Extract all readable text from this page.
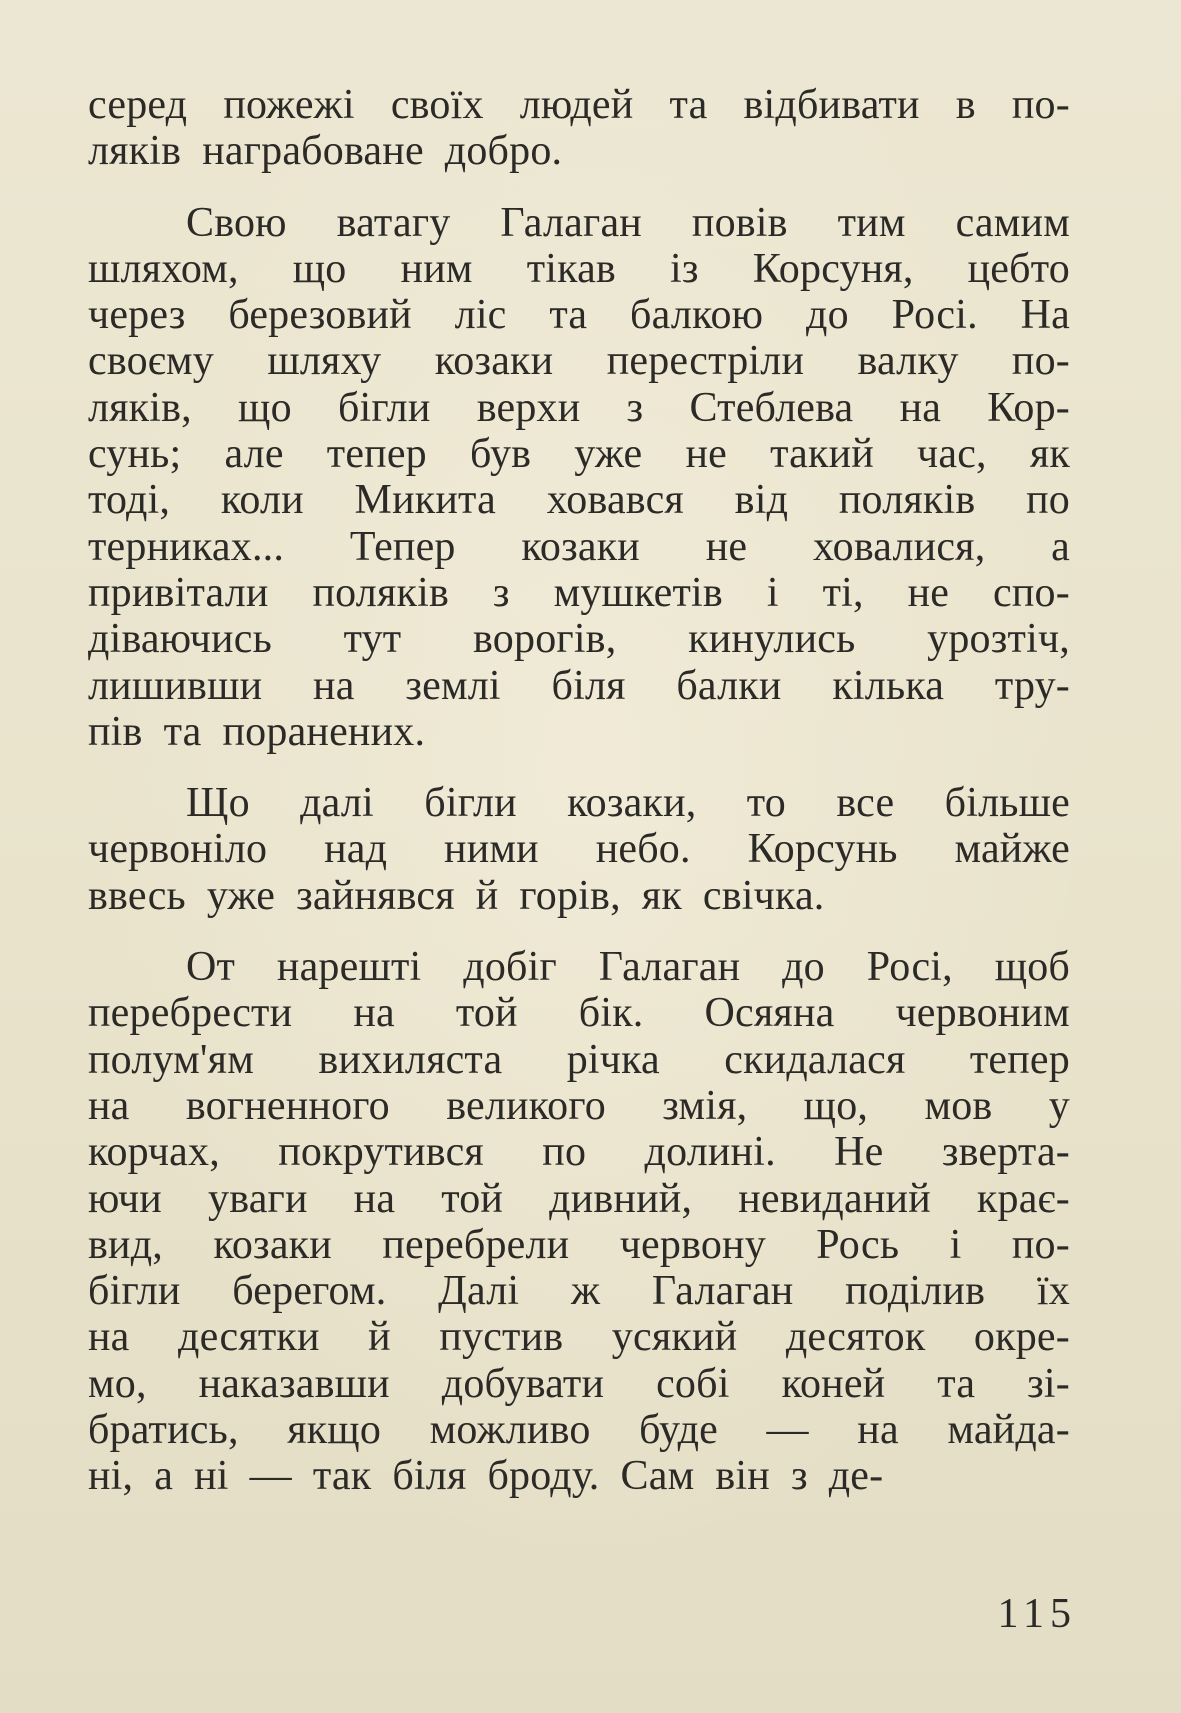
серед пожежі своїх людей та відбивати в по-
ляків награбоване добро.
Свою ватагу Галаган повів тим самим
шляхом, що ним тікав із Корсуня, цебто
через березовий ліс та балкою до Росі. На
своєму шляху козаки перестріли валку по-
ляків, що бігли верхи з Стеблева на Кор-
сунь; але тепер був уже не такий час, як
тоді, коли Микита ховався від поляків по
терниках... Тепер козаки не ховалися, а
привітали поляків з мушкетів і ті, не спо-
діваючись тут ворогів, кинулись урозтіч,
лишивши на землі біля балки кілька тру-
пів та поранених.
Що далі бігли козаки, то все більше
червоніло над ними небо. Корсунь майже
ввесь уже зайнявся й горів, як свічка.
От нарешті добіг Галаган до Росі, щоб
перебрести на той бік. Осяяна червоним
полум'ям вихиляста річка скидалася тепер
на вогненного великого змія, що, мов у
корчах, покрутився по долині. Не зверта-
ючи уваги на той дивний, невиданий крає-
вид, козаки перебрели червону Рось і по-
бігли берегом. Далі ж Галаган поділив їх
на десятки й пустив усякий десяток окре-
мо, наказавши добувати собі коней та зі-
братись, якщо можливо буде — на майда-
ні, а ні — так біля броду. Сам він з де-
115
